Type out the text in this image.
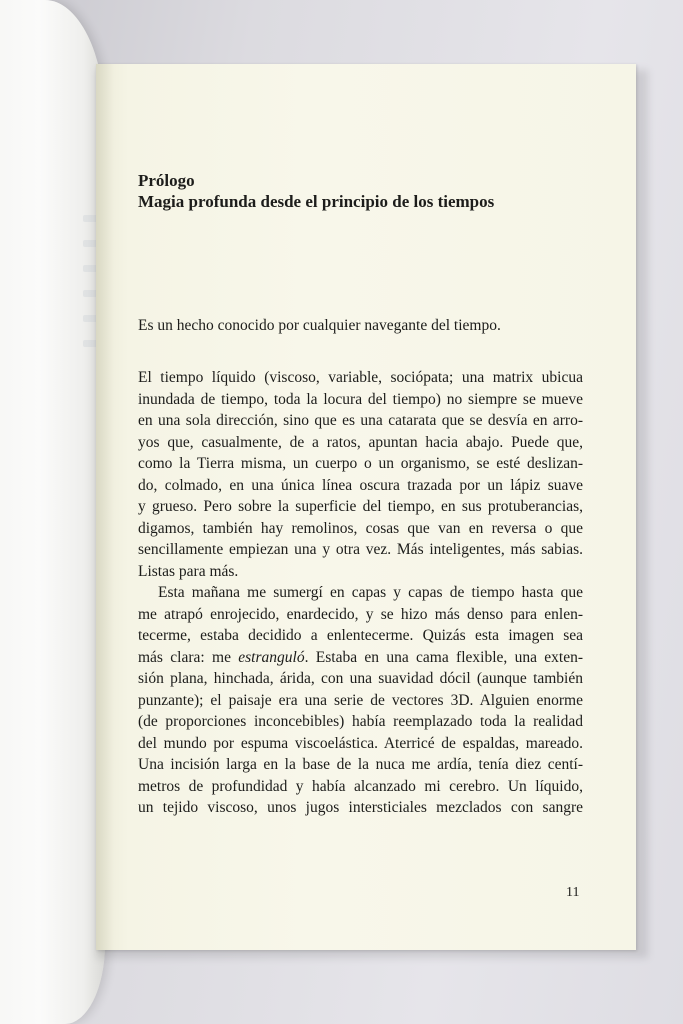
Prólogo
Magia profunda desde el principio de los tiempos
Es un hecho conocido por cualquier navegante del tiempo.
El tiempo líquido (viscoso, variable, sociópata; una matrix ubicua
inundada de tiempo, toda la locura del tiempo) no siempre se mueve
en una sola dirección, sino que es una catarata que se desvía en arro-
yos que, casualmente, de a ratos, apuntan hacia abajo. Puede que,
como la Tierra misma, un cuerpo o un organismo, se esté deslizan-
do, colmado, en una única línea oscura trazada por un lápiz suave
y grueso. Pero sobre la superficie del tiempo, en sus protuberancias,
digamos, también hay remolinos, cosas que van en reversa o que
sencillamente empiezan una y otra vez. Más inteligentes, más sabias.
Listas para más.
Esta mañana me sumergí en capas y capas de tiempo hasta que
me atrapó enrojecido, enardecido, y se hizo más denso para enlen-
tecerme, estaba decidido a enlentecerme. Quizás esta imagen sea
más clara: me estranguló. Estaba en una cama flexible, una exten-
sión plana, hinchada, árida, con una suavidad dócil (aunque también
punzante); el paisaje era una serie de vectores 3D. Alguien enorme
(de proporciones inconcebibles) había reemplazado toda la realidad
del mundo por espuma viscoelástica. Aterricé de espaldas, mareado.
Una incisión larga en la base de la nuca me ardía, tenía diez centí-
metros de profundidad y había alcanzado mi cerebro. Un líquido,
un tejido viscoso, unos jugos intersticiales mezclados con sangre
11
